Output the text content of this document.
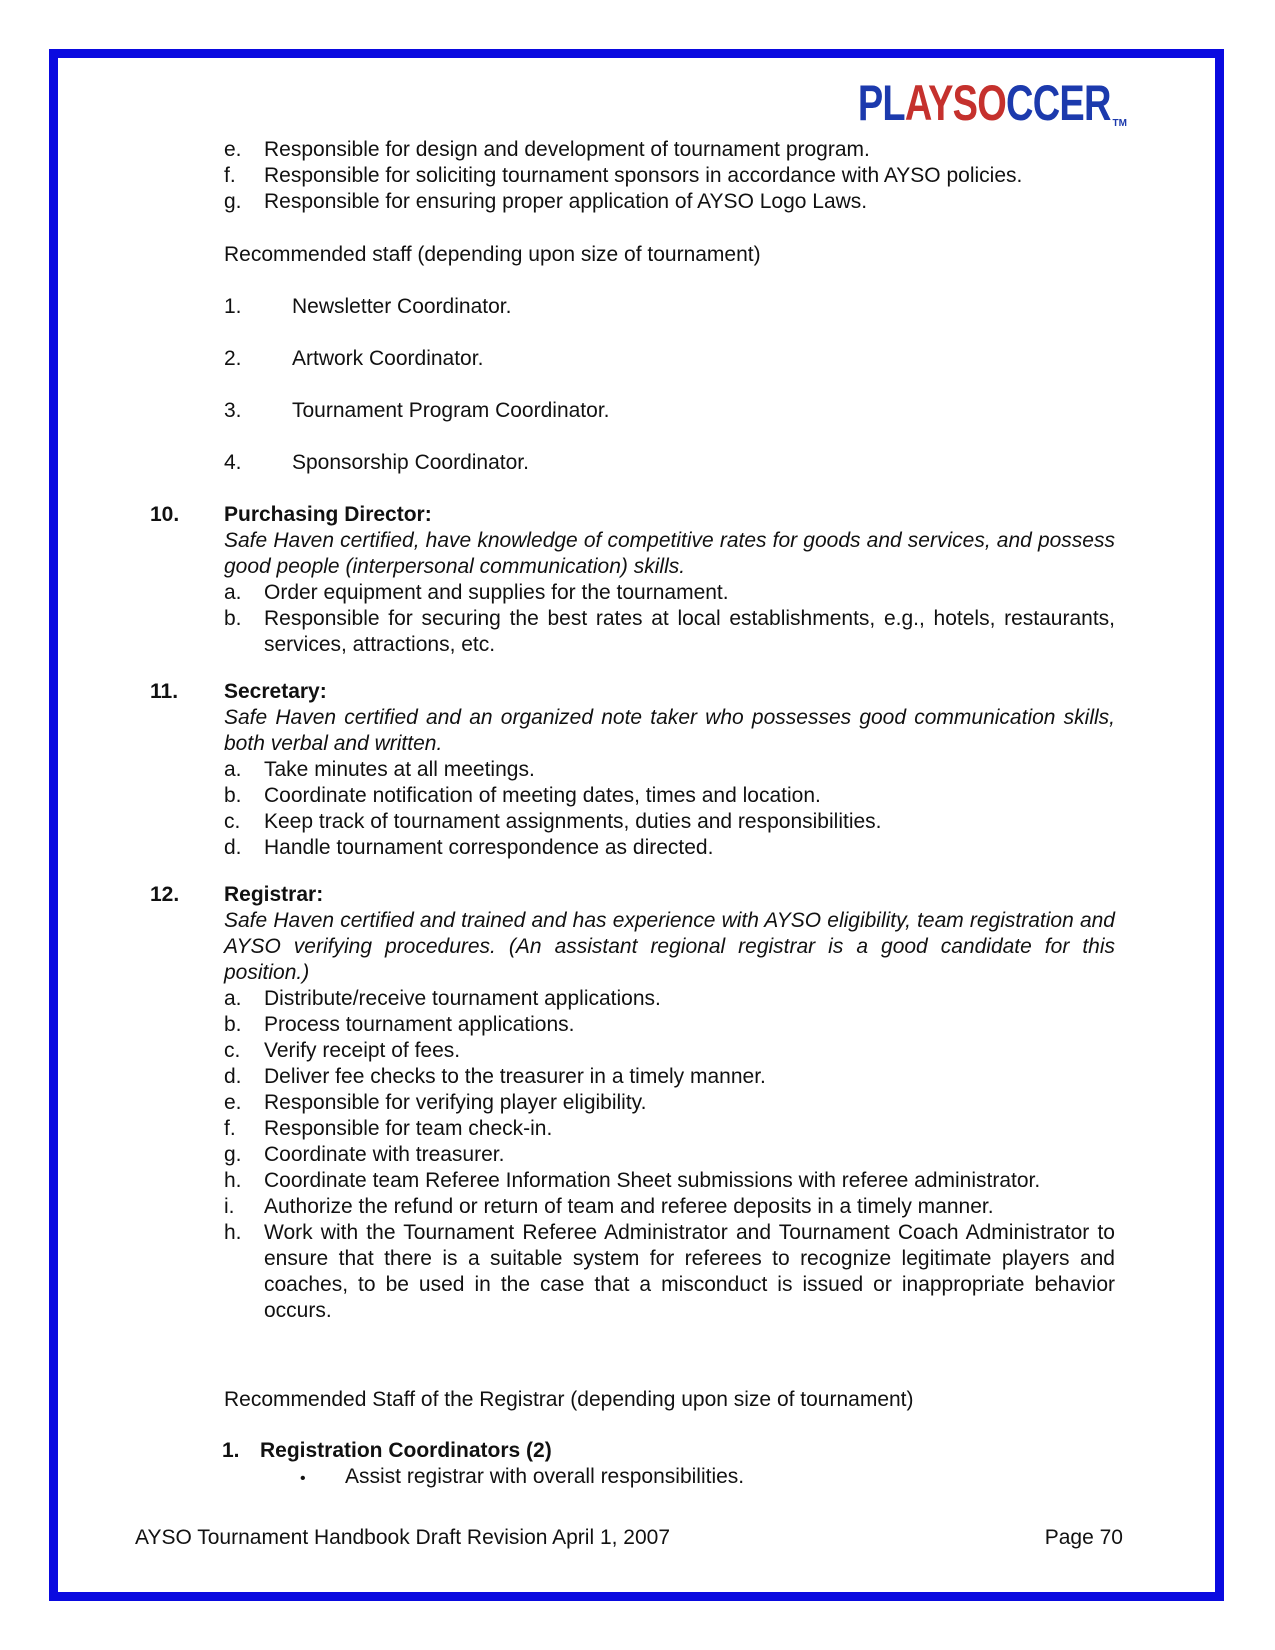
PLAYSOCCER TM
e.	Responsible for design and development of tournament program.
f.	Responsible for soliciting tournament sponsors in accordance with AYSO policies.
g.	Responsible for ensuring proper application of AYSO Logo Laws.
Recommended staff (depending upon size of tournament)
1.	Newsletter Coordinator.
2.	Artwork Coordinator.
3.	Tournament Program Coordinator.
4.	Sponsorship Coordinator.
10.	Purchasing Director:
Safe Haven certified, have knowledge of competitive rates for goods and services, and possess good people (interpersonal communication) skills.
a.	Order equipment and supplies for the tournament.
b.	Responsible for securing the best rates at local establishments, e.g., hotels, restaurants, services, attractions, etc.
11.	Secretary:
Safe Haven certified and an organized note taker who possesses good communication skills, both verbal and written.
a.	Take minutes at all meetings.
b.	Coordinate notification of meeting dates, times and location.
c.	Keep track of tournament assignments, duties and responsibilities.
d.	Handle tournament correspondence as directed.
12.	Registrar:
Safe Haven certified and trained and has experience with AYSO eligibility, team registration and AYSO verifying procedures. (An assistant regional registrar is a good candidate for this position.)
a.	Distribute/receive tournament applications.
b.	Process tournament applications.
c.	Verify receipt of fees.
d.	Deliver fee checks to the treasurer in a timely manner.
e.	Responsible for verifying player eligibility.
f.	Responsible for team check-in.
g.	Coordinate with treasurer.
h.	Coordinate team Referee Information Sheet submissions with referee administrator.
i.	Authorize the refund or return of team and referee deposits in a timely manner.
h.	Work with the Tournament Referee Administrator and Tournament Coach Administrator to ensure that there is a suitable system for referees to recognize legitimate players and coaches, to be used in the case that a misconduct is issued or inappropriate behavior occurs.
Recommended Staff of the Registrar (depending upon size of tournament)
1. Registration Coordinators (2)
•	Assist registrar with overall responsibilities.
AYSO Tournament Handbook Draft Revision April 1, 2007	Page 70
